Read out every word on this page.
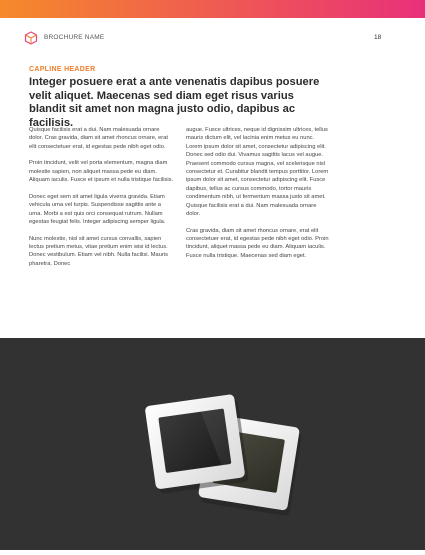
BROCHURE NAME	18
CAPLINE HEADER
Integer posuere erat a ante venenatis dapibus posuere velit aliquet. Maecenas sed diam eget risus varius blandit sit amet non magna justo odio, dapibus ac facilisis.

Quisque facilisis erat a dui. Nam malesuada ornare dolor. Cras gravida, diam sit amet rhoncus ornare, erat elit consectetuer erat, id egestas pede nibh eget odio.

Proin tincidunt, velit vel porta elementum, magna diam molestie sapien, non aliquet massa pede eu diam. Aliquam iaculis. Fusce et ipsum et nulla tristique facilisis.

Donec eget sem sit amet ligula viverra gravida. Etiam vehicula urna vel turpis. Suspendisse sagittis ante a urna. Morbi a est quis orci consequat rutrum. Nullam egestas feugiat felis. Integer adipiscing semper ligula.

Nunc molestie, nisl sit amet cursus convallis, sapien lectus pretium metus, vitae pretium enim wisi id lectus. Donec vestibulum. Etiam vel nibh. Nulla facilisi. Mauris pharetra. Donec

augue. Fusce ultrices, neque id dignissim ultrices, tellus mauris dictum elit, vel lacinia enim metus eu nunc. Lorem ipsum dolor sit amet, consectetur adipiscing elit. Donec sed odio dui. Vivamus sagittis lacus vel augue. Praesent commodo cursus magna, vel scelerisque nisl consectetur et. Curabitur blandit tempus porttitor. Lorem ipsum dolor sit amet, consectetur adipiscing elit. Fusce dapibus, tellus ac cursus commodo, tortor mauris condimentum nibh, ut fermentum massa justo sit amet. Quisque facilisis erat a dui. Nam malesuada ornare dolor.

Cras gravida, diam sit amet rhoncus ornare, erat elit consectetuer erat, id egestas pede nibh eget odio. Proin tincidunt, aliquet massa pede eu diam. Aliquam iaculis. Fusce nulla tristique. Maecenas sed diam eget.
